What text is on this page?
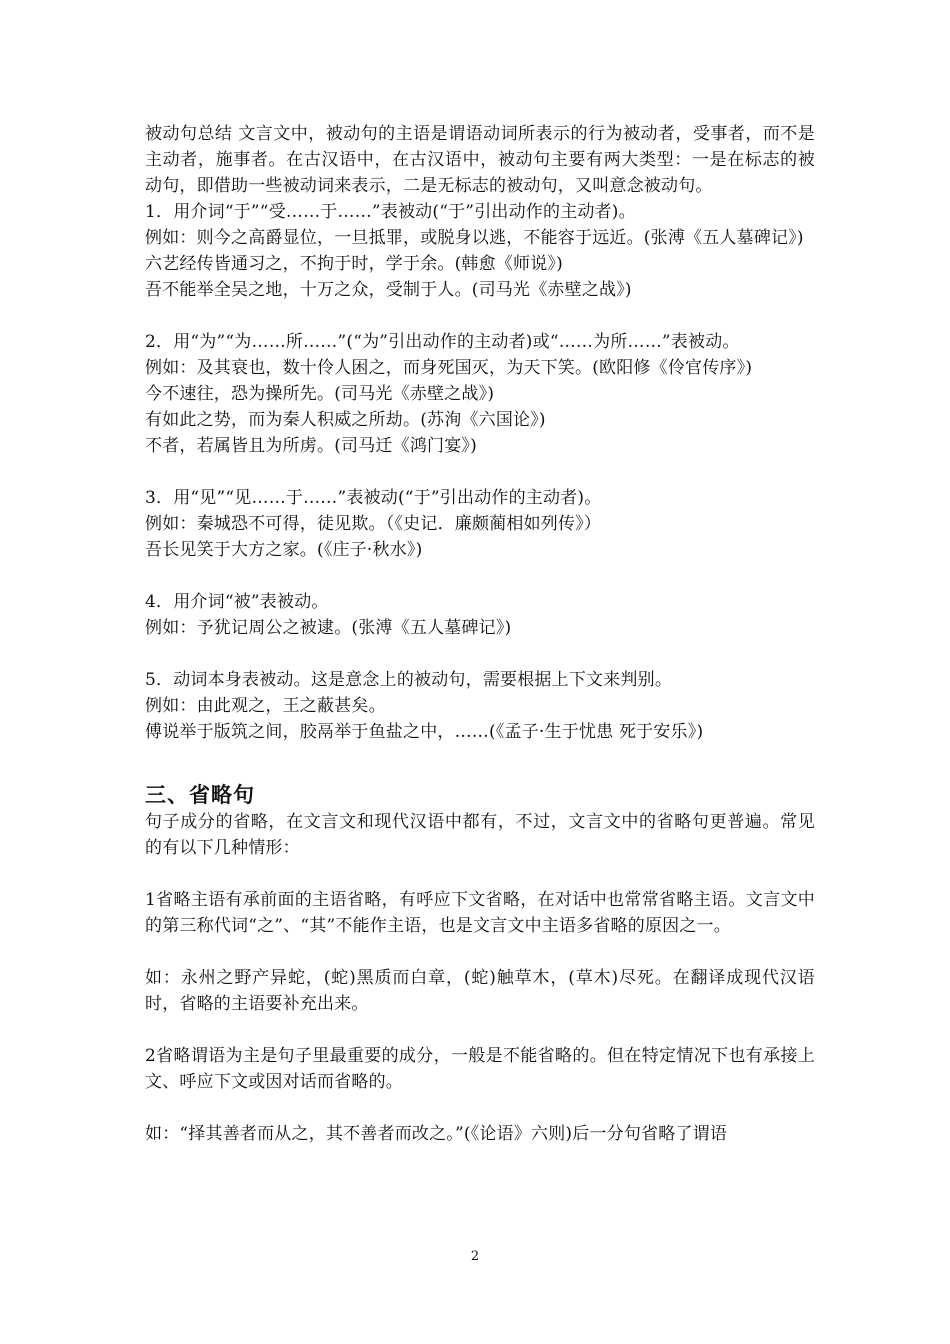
被动句总结 文言文中，被动句的主语是谓语动词所表示的行为被动者，受事者，而不是主动者，施事者。在古汉语中，在古汉语中，被动句主要有两大类型：一是在标志的被动句，即借助一些被动词来表示，二是无标志的被动句，又叫意念被动句。

1．用介词“于”“受……于……”表被动(“于”引出动作的主动者)。

例如：则今之高爵显位，一旦抵罪，或脱身以逃，不能容于远近。(张溥《五人墓碑记》)

六艺经传皆通习之，不拘于时，学于余。(韩愈《师说》)

吾不能举全吴之地，十万之众，受制于人。(司马光《赤壁之战》)

2．用“为”“为……所……”(“为”引出动作的主动者)或“……为所……”表被动。

例如：及其衰也，数十伶人困之，而身死国灭，为天下笑。(欧阳修《伶官传序》)

今不速往，恐为操所先。(司马光《赤壁之战》)

有如此之势，而为秦人积威之所劫。(苏洵《六国论》)

不者，若属皆且为所虏。(司马迁《鸿门宴》)

3．用“见”“见……于……”表被动(“于”引出动作的主动者)。

例如：秦城恐不可得，徒见欺。（《史记．廉颇蔺相如列传》）

吾长见笑于大方之家。(《庄子·秋水》)

4．用介词“被”表被动。

例如：予犹记周公之被逮。(张溥《五人墓碑记》)

5．动词本身表被动。这是意念上的被动句，需要根据上下文来判别。

例如：由此观之，王之蔽甚矣。

傅说举于版筑之间，胶鬲举于鱼盐之中，……(《孟子·生于忧患 死于安乐》)

三、省略句

句子成分的省略，在文言文和现代汉语中都有，不过，文言文中的省略句更普遍。常见的有以下几种情形：

1省略主语有承前面的主语省略，有呼应下文省略，在对话中也常常省略主语。文言文中的第三称代词“之”、“其”不能作主语，也是文言文中主语多省略的原因之一。

如：永州之野产异蛇，(蛇)黑质而白章，(蛇)触草木，(草木)尽死。在翻译成现代汉语时，省略的主语要补充出来。

2省略谓语为主是句子里最重要的成分，一般是不能省略的。但在特定情况下也有承接上文、呼应下文或因对话而省略的。

如：“择其善者而从之，其不善者而改之。”(《论语》六则)后一分句省略了谓语

2
